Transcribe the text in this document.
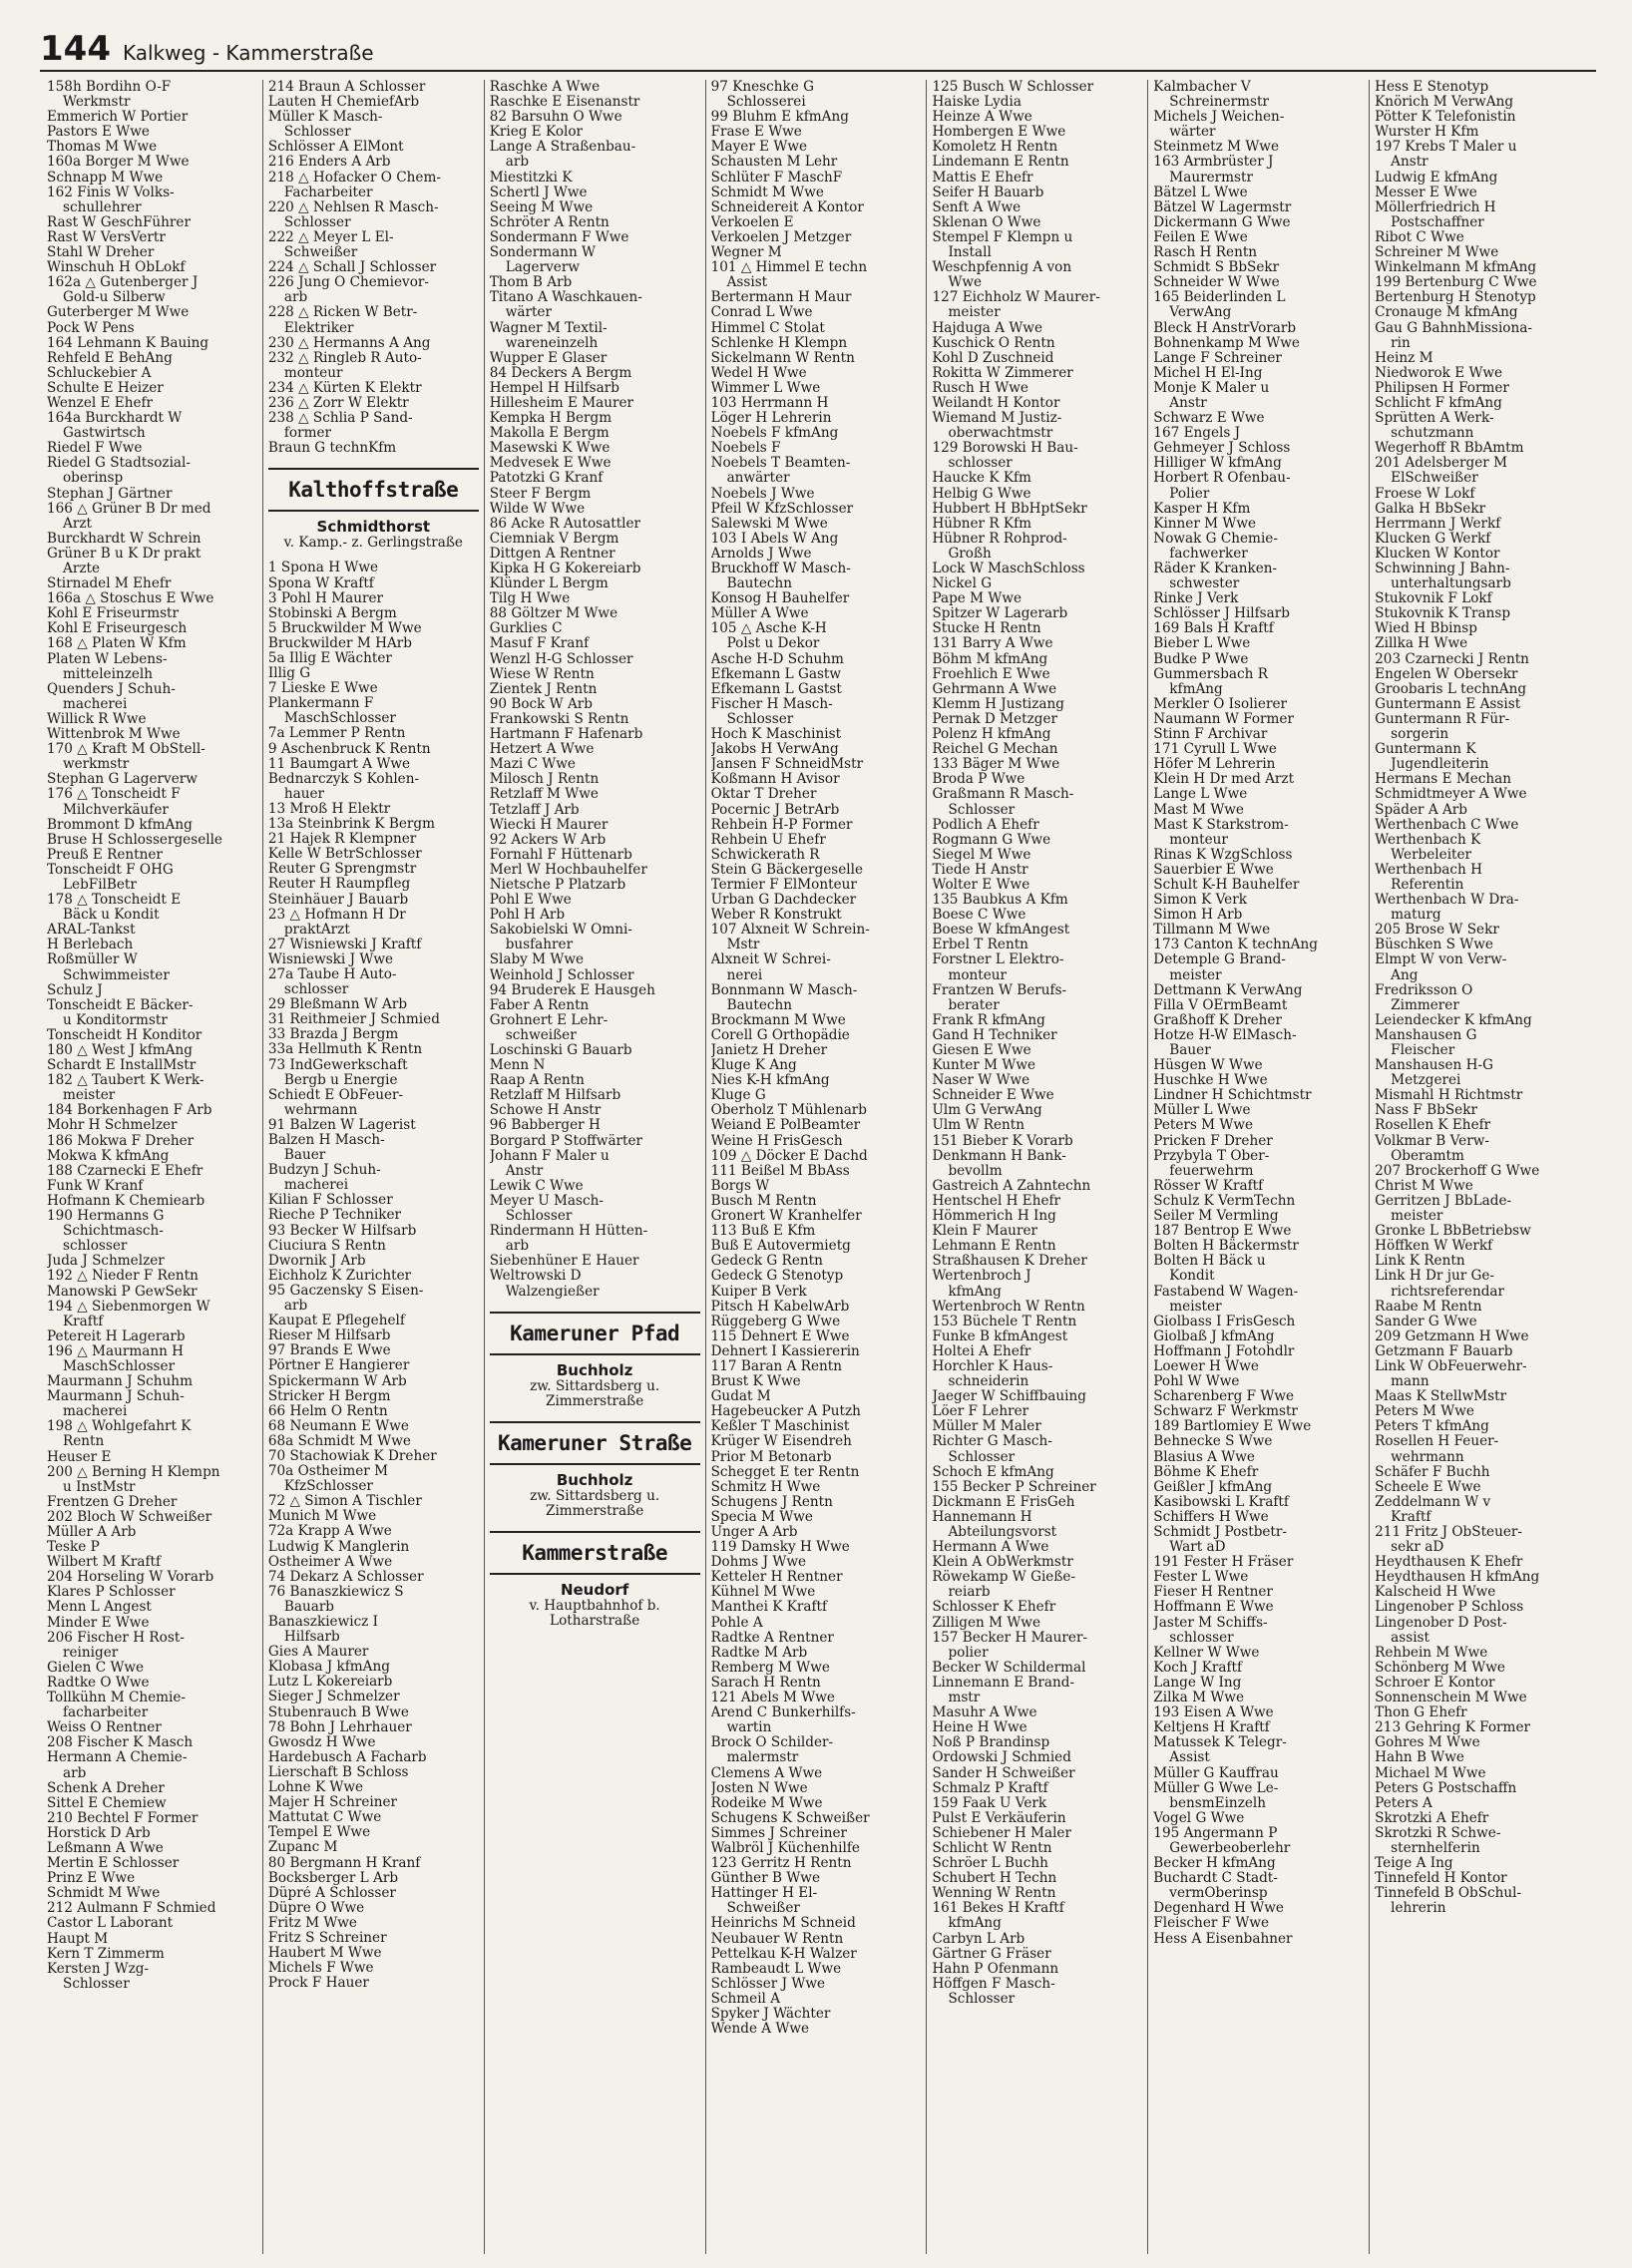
144 Kalkweg - Kammerstraße
158h Bordihn O-F
Werkmstr
Emmerich W Portier
Pastors E Wwe
Thomas M Wwe
160a Borger M Wwe
Schnapp M Wwe
162 Finis W Volks-
schullehrer
Rast W GeschFührer
Rast W VersVertr
Stahl W Dreher
Winschuh H ObLokf
162a △ Gutenberger J
Gold-u Silberw
Guterberger M Wwe
Pock W Pens
164 Lehmann K Bauing
Rehfeld E BehAng
Schluckebier A
Schulte E Heizer
Wenzel E Ehefr
164a Burckhardt W
Gastwirtsch
Riedel F Wwe
Riedel G Stadtsozial-
oberinsp
Stephan J Gärtner
166 △ Grüner B Dr med
Arzt
Burckhardt W Schrein
Grüner B u K Dr prakt
Ärzte
Stirnadel M Ehefr
166a △ Stoschus E Wwe
Kohl E Friseurmstr
Kohl E Friseurgesch
168 △ Platen W Kfm
Platen W Lebens-
mitteleinzelh
Quenders J Schuh-
macherei
Willick R Wwe
Wittenbrok M Wwe
170 △ Kraft M ObStell-
werkmstr
Stephan G Lagerverw
176 △ Tonscheidt F
Milchverkäufer
Brommont D kfmAng
Bruse H Schlossergeselle
Preuß E Rentner
Tonscheidt F OHG
LebFilBetr
178 △ Tonscheidt E
Bäck u Kondit
ARAL-Tankst
H Berlebach
Roßmüller W
Schwimmeister
Schulz J
Tonscheidt E Bäcker-
u Konditormstr
Tonscheidt H Konditor
180 △ West J kfmAng
Schardt E InstallMstr
182 △ Taubert K Werk-
meister
184 Borkenhagen F Arb
Mohr H Schmelzer
186 Mokwa F Dreher
Mokwa K kfmAng
188 Czarnecki E Ehefr
Funk W Kranf
Hofmann K Chemiearb
190 Hermanns G
Schichtmasch-
schlosser
Juda J Schmelzer
192 △ Nieder F Rentn
Manowski P GewSekr
194 △ Siebenmorgen W
Kraftf
Petereit H Lagerarb
196 △ Maurmann H
MaschSchlosser
Maurmann J Schuhm
Maurmann J Schuh-
macherei
198 △ Wohlgefahrt K
Rentn
Heuser E
200 △ Berning H Klempn
u InstMstr
Frentzen G Dreher
202 Bloch W Schweißer
Müller A Arb
Teske P
Wilbert M Kraftf
204 Horseling W Vorarb
Klares P Schlosser
Menn L Angest
Minder E Wwe
206 Fischer H Rost-
reiniger
Gielen C Wwe
Radtke O Wwe
Tollkühn M Chemie-
facharbeiter
Weiss O Rentner
208 Fischer K Masch
Hermann A Chemie-
arb
Schenk A Dreher
Sittel E Chemiew
210 Bechtel F Former
Horstick D Arb
Leßmann A Wwe
Mertin E Schlosser
Prinz E Wwe
Schmidt M Wwe
212 Aulmann F Schmied
Castor L Laborant
Haupt M
Kern T Zimmerm
Kersten J Wzg-
Schlosser
214 Braun A Schlosser
Lauten H ChemiefArb
Müller K Masch-
Schlosser
Schlösser A ElMont
216 Enders A Arb
218 △ Hofacker O Chem-
Facharbeiter
220 △ Nehlsen R Masch-
Schlosser
222 △ Meyer L El-
Schweißer
224 △ Schall J Schlosser
226 Jung O Chemievor-
arb
228 △ Ricken W Betr-
Elektriker
230 △ Hermanns A Ang
232 △ Ringleb R Auto-
monteur
234 △ Kürten K Elektr
236 △ Zorr W Elektr
238 △ Schlia P Sand-
former
Braun G technKfm
Kalthoffstraße
Schmidthorst
v. Kamp.- z. Gerlingstraße
1 Spona H Wwe
Spona W Kraftf
3 Pohl H Maurer
Stobinski A Bergm
5 Bruckwilder M Wwe
Bruckwilder M HArb
5a Illig E Wächter
Illig G
7 Lieske E Wwe
Plankermann F
MaschSchlosser
7a Lemmer P Rentn
9 Aschenbruck K Rentn
11 Baumgart A Wwe
Bednarczyk S Kohlen-
hauer
13 Mroß H Elektr
13a Steinbrink K Bergm
21 Hajek R Klempner
Kelle W BetrSchlosser
Reuter G Sprengmstr
Reuter H Raumpfleg
Steinhäuer J Bauarb
23 △ Hofmann H Dr
praktArzt
27 Wisniewski J Kraftf
Wisniewski J Wwe
27a Taube H Auto-
schlosser
29 Bleßmann W Arb
31 Reithmeier J Schmied
33 Brazda J Bergm
33a Hellmuth K Rentn
73 IndGewerkschaft
Bergb u Energie
Schiedt E ObFeuer-
wehrmann
91 Balzen W Lagerist
Balzen H Masch-
Bauer
Budzyn J Schuh-
macherei
Kilian F Schlosser
Rieche P Techniker
93 Becker W Hilfsarb
Ciuciura S Rentn
Dwornik J Arb
Eichholz K Zurichter
95 Gaczensky S Eisen-
arb
Kaupat E Pflegehelf
Rieser M Hilfsarb
97 Brands E Wwe
Pörtner E Hangierer
Spickermann W Arb
Stricker H Bergm
66 Helm O Rentn
68 Neumann E Wwe
68a Schmidt M Wwe
70 Stachowiak K Dreher
70a Ostheimer M
KfzSchlosser
72 △ Simon A Tischler
Munich M Wwe
72a Krapp A Wwe
Ludwig K Manglerin
Ostheimer A Wwe
74 Dekarz A Schlosser
76 Banaszkiewicz S
Bauarb
Banaszkiewicz I
Hilfsarb
Gies A Maurer
Klobasa J kfmAng
Lutz L Kokereiarb
Sieger J Schmelzer
Stubenrauch B Wwe
78 Bohn J Lehrhauer
Gwosdz H Wwe
Hardebusch A Facharb
Lierschaft B Schloss
Lohne K Wwe
Majer H Schreiner
Mattutat C Wwe
Tempel E Wwe
Zupanc M
80 Bergmann H Kranf
Bocksberger L Arb
Düpré A Schlosser
Düpre O Wwe
Fritz M Wwe
Fritz S Schreiner
Haubert M Wwe
Michels F Wwe
Prock F Hauer
Raschke A Wwe
Raschke E Eisenanstr
82 Barsuhn O Wwe
Krieg E Kolor
Lange A Straßenbau-
arb
Miestitzki K
Schertl J Wwe
Seeing M Wwe
Schröter A Rentn
Sondermann F Wwe
Sondermann W
Lagerverw
Thom B Arb
Titano A Waschkauen-
wärter
Wagner M Textil-
wareneinzelh
Wupper E Glaser
84 Deckers A Bergm
Hempel H Hilfsarb
Hillesheim E Maurer
Kempka H Bergm
Makolla E Bergm
Masewski K Wwe
Medvesek E Wwe
Patotzki G Kranf
Steer F Bergm
Wilde W Wwe
86 Acke R Autosattler
Ciemniak V Bergm
Dittgen A Rentner
Kipka H G Kokereiarb
Klünder L Bergm
Tilg H Wwe
88 Göltzer M Wwe
Gurklies C
Masuf F Kranf
Wenzl H-G Schlosser
Wiese W Rentn
Zientek J Rentn
90 Bock W Arb
Frankowski S Rentn
Hartmann F Hafenarb
Hetzert A Wwe
Mazi C Wwe
Milosch J Rentn
Retzlaff M Wwe
Tetzlaff J Arb
Wiecki H Maurer
92 Ackers W Arb
Fornahl F Hüttenarb
Merl W Hochbauhelfer
Nietsche P Platzarb
Pohl E Wwe
Pohl H Arb
Sakobielski W Omni-
busfahrer
Slaby M Wwe
Weinhold J Schlosser
94 Bruderek E Hausgeh
Faber A Rentn
Grohnert E Lehr-
schweißer
Loschinski G Bauarb
Menn N
Raap A Rentn
Retzlaff M Hilfsarb
Schowe H Anstr
96 Babberger H
Borgard P Stoffwärter
Johann F Maler u
Anstr
Lewik C Wwe
Meyer U Masch-
Schlosser
Rindermann H Hütten-
arb
Siebenhüner E Hauer
Weltrowski D
Walzengießer
Kameruner Pfad
Buchholz
zw. Sittardsberg u. Zimmerstraße
Kameruner Straße
Buchholz
zw. Sittardsberg u. Zimmerstraße
Kammerstraße
Neudorf
v. Hauptbahnhof b. Lotharstraße
97 Kneschke G
Schlosserei
99 Bluhm E kfmAng
Frase E Wwe
Mayer E Wwe
Schausten M Lehr
Schlüter F MaschF
Schmidt M Wwe
Schneidereit A Kontor
Verkoelen E
Verkoelen J Metzger
Wegner M
101 △ Himmel E techn
Assist
Bertermann H Maur
Conrad L Wwe
Himmel C Stolat
Schlenke H Klempn
Sickelmann W Rentn
Wedel H Wwe
Wimmer L Wwe
103 Herrmann H
Löger H Lehrerin
Noebels F kfmAng
Noebels F
Noebels T Beamten-
anwärter
Noebels J Wwe
Pfeil W KfzSchlosser
Salewski M Wwe
103 I Abels W Ang
Arnolds J Wwe
Bruckhoff W Masch-
Bautechn
Konsog H Bauhelfer
Müller A Wwe
105 △ Asche K-H
Polst u Dekor
Asche H-D Schuhm
Efkemann L Gastw
Efkemann L Gastst
Fischer H Masch-
Schlosser
Hoch K Maschinist
Jakobs H VerwAng
Jansen F SchneidMstr
Koßmann H Avisor
Oktar T Dreher
Pocernic J BetrArb
Rehbein H-P Former
Rehbein U Ehefr
Schwickerath R
Stein G Bäckergeselle
Termier F ElMonteur
Urban G Dachdecker
Weber R Konstrukt
107 Alxneit W Schrein-
Mstr
Alxneit W Schrei-
nerei
Bonnmann W Masch-
Bautechn
Brockmann M Wwe
Corell G Orthopädie
Janietz H Dreher
Kluge K Ang
Nies K-H kfmAng
Kluge G
Oberholz T Mühlenarb
Weiand E PolBeamter
Weine H FrisGesch
109 △ Döcker E Dachd
111 Beißel M BbAss
Borgs W
Busch M Rentn
Gronert W Kranhelfer
113 Buß E Kfm
Buß E Autovermietg
Gedeck G Rentn
Gedeck G Stenotyp
Kuiper B Verk
Pitsch H KabelwArb
Rüggeberg G Wwe
115 Dehnert E Wwe
Dehnert I Kassiererin
117 Baran A Rentn
Brust K Wwe
Gudat M
Hagebeucker A Putzh
Keßler T Maschinist
Krüger W Eisendreh
Prior M Betonarb
Schegget E ter Rentn
Schmitz H Wwe
Schugens J Rentn
Specia M Wwe
Unger A Arb
119 Damsky H Wwe
Dohms J Wwe
Ketteler H Rentner
Kühnel M Wwe
Manthei K Kraftf
Pohle A
Radtke A Rentner
Radtke M Arb
Remberg M Wwe
Sarach H Rentn
121 Abels M Wwe
Arend C Bunkerhilfs-
wartin
Brock O Schilder-
malermstr
Clemens A Wwe
Josten N Wwe
Rodeike M Wwe
Schugens K Schweißer
Simmes J Schreiner
Walbröl J Küchenhilfe
123 Gerritz H Rentn
Günther B Wwe
Hattinger H El-
Schweißer
Heinrichs M Schneid
Neubauer W Rentn
Pettelkau K-H Walzer
Rambeaudt L Wwe
Schlösser J Wwe
Schmeil A
Spyker J Wächter
Wende A Wwe
125 Busch W Schlosser
Haiske Lydia
Heinze A Wwe
Hombergen E Wwe
Komoletz H Rentn
Lindemann E Rentn
Mattis E Ehefr
Seifer H Bauarb
Senft A Wwe
Sklenan O Wwe
Stempel F Klempn u
Install
Weschpfennig A von
Wwe
127 Eichholz W Maurer-
meister
Hajduga A Wwe
Kuschick O Rentn
Kohl D Zuschneid
Rokitta W Zimmerer
Rusch H Wwe
Weilandt H Kontor
Wiemand M Justiz-
oberwachtmstr
129 Borowski H Bau-
schlosser
Haucke K Kfm
Helbig G Wwe
Hubbert H BbHptSekr
Hübner R Kfm
Hübner R Rohprod-
Großh
Lock W MaschSchloss
Nickel G
Pape M Wwe
Spitzer W Lagerarb
Stucke H Rentn
131 Barry A Wwe
Böhm M kfmAng
Froehlich E Wwe
Gehrmann A Wwe
Klemm H Justizang
Pernak D Metzger
Polenz H kfmAng
Reichel G Mechan
133 Bäger M Wwe
Broda P Wwe
Graßmann R Masch-
Schlosser
Podlich A Ehefr
Rogmann G Wwe
Siegel M Wwe
Tiede H Anstr
Wolter E Wwe
135 Baubkus A Kfm
Boese C Wwe
Boese W kfmAngest
Erbel T Rentn
Forstner L Elektro-
monteur
Frantzen W Berufs-
berater
Frank R kfmAng
Gand H Techniker
Giesen E Wwe
Kunter M Wwe
Naser W Wwe
Schneider E Wwe
Ulm G VerwAng
Ulm W Rentn
151 Bieber K Vorarb
Denkmann H Bank-
bevollm
Gastreich A Zahntechn
Hentschel H Ehefr
Hömmerich H Ing
Klein F Maurer
Lehmann E Rentn
Straßhausen K Dreher
Wertenbroch J
kfmAng
Wertenbroch W Rentn
153 Büchele T Rentn
Funke B kfmAngest
Holtei A Ehefr
Horchler K Haus-
schneiderin
Jaeger W Schiffbauing
Löer F Lehrer
Müller M Maler
Richter G Masch-
Schlosser
Schoch E kfmAng
155 Becker P Schreiner
Dickmann E FrisGeh
Hannemann H
Abteilungsvorst
Hermann A Wwe
Klein A ObWerkmstr
Röwekamp W Gieße-
reiarb
Schlosser K Ehefr
Zilligen M Wwe
157 Becker H Maurer-
polier
Becker W Schildermal
Linnemann E Brand-
mstr
Masuhr A Wwe
Heine H Wwe
Noß P Brandinsp
Ordowski J Schmied
Sander H Schweißer
Schmalz P Kraftf
159 Faak U Verk
Pulst E Verkäuferin
Schiebener H Maler
Schlicht W Rentn
Schröer L Buchh
Schubert H Techn
Wenning W Rentn
161 Bekes H Kraftf
kfmAng
Carbyn L Arb
Gärtner G Fräser
Hahn P Ofenmann
Höffgen F Masch-
Schlosser
Kalmbacher V
Schreinermstr
Michels J Weichen-
wärter
Steinmetz M Wwe
163 Armbrüster J
Maurermstr
Bätzel L Wwe
Bätzel W Lagermstr
Dickermann G Wwe
Feilen E Wwe
Rasch H Rentn
Schmidt S BbSekr
Schneider W Wwe
165 Beiderlinden L
VerwAng
Bleck H AnstrVorarb
Bohnenkamp M Wwe
Lange F Schreiner
Michel H El-Ing
Monje K Maler u
Anstr
Schwarz E Wwe
167 Engels J
Gehmeyer J Schloss
Hilliger W kfmAng
Horbert R Ofenbau-
Polier
Kasper H Kfm
Kinner M Wwe
Nowak G Chemie-
fachwerker
Räder K Kranken-
schwester
Rinke J Verk
Schlösser J Hilfsarb
169 Bals H Kraftf
Bieber L Wwe
Budke P Wwe
Gummersbach R
kfmAng
Merkler O Isolierer
Naumann W Former
Stinn F Archivar
171 Cyrull L Wwe
Höfer M Lehrerin
Klein H Dr med Arzt
Lange L Wwe
Mast M Wwe
Mast K Starkstrom-
monteur
Rinas K WzgSchloss
Sauerbier E Wwe
Schult K-H Bauhelfer
Simon K Verk
Simon H Arb
Tillmann M Wwe
173 Canton K technAng
Detemple G Brand-
meister
Dettmann K VerwAng
Filla V OErmBeamt
Graßhoff K Dreher
Hotze H-W ElMasch-
Bauer
Hüsgen W Wwe
Huschke H Wwe
Lindner H Schichtmstr
Müller L Wwe
Peters M Wwe
Pricken F Dreher
Przybyla T Ober-
feuerwehrm
Rösser W Kraftf
Schulz K VermTechn
Seiler M Vermling
187 Bentrop E Wwe
Bolten H Bäckermstr
Bolten H Bäck u
Kondit
Fastabend W Wagen-
meister
Giolbass I FrisGesch
Giolbaß J kfmAng
Hoffmann J Fotohdlr
Loewer H Wwe
Pohl W Wwe
Scharenberg F Wwe
Schwarz F Werkmstr
189 Bartlomiey E Wwe
Behnecke S Wwe
Blasius A Wwe
Böhme K Ehefr
Geißler J kfmAng
Kasibowski L Kraftf
Schiffers H Wwe
Schmidt J Postbetr-
Wart aD
191 Fester H Fräser
Fester L Wwe
Fieser H Rentner
Hoffmann E Wwe
Jaster M Schiffs-
schlosser
Kellner W Wwe
Koch J Kraftf
Lange W Ing
Zilka M Wwe
193 Eisen A Wwe
Keltjens H Kraftf
Matussek K Telegr-
Assist
Müller G Kauffrau
Müller G Wwe Le-
bensmEinzelh
Vogel G Wwe
195 Angermann P
Gewerbeoberlehr
Becker H kfmAng
Buchardt C Stadt-
vermOberinsp
Degenhard H Wwe
Fleischer F Wwe
Hess A Eisenbahner
Hess E Stenotyp
Knörich M VerwAng
Pötter K Telefonistin
Wurster H Kfm
197 Krebs T Maler u
Anstr
Ludwig E kfmAng
Messer E Wwe
Möllerfriedrich H
Postschaffner
Ribot C Wwe
Schreiner M Wwe
Winkelmann M kfmAng
199 Bertenburg C Wwe
Bertenburg H Stenotyp
Cronauge M kfmAng
Gau G BahnhMissiona-
rin
Heinz M
Niedworok E Wwe
Philipsen H Former
Schlicht F kfmAng
Sprütten A Werk-
schutzmann
Wegerhoff R BbAmtm
201 Adelsberger M
ElSchweißer
Froese W Lokf
Galka H BbSekr
Herrmann J Werkf
Klucken G Werkf
Klucken W Kontor
Schwinning J Bahn-
unterhaltungsarb
Stukovnik F Lokf
Stukovnik K Transp
Wied H Bbinsp
Zillka H Wwe
203 Czarnecki J Rentn
Engelen W Obersekr
Groobaris L technAng
Guntermann E Assist
Guntermann R Für-
sorgerin
Guntermann K
Jugendleiterin
Hermans E Mechan
Schmidtmeyer A Wwe
Späder A Arb
Werthenbach C Wwe
Werthenbach K
Werbeleiter
Werthenbach H
Referentin
Werthenbach W Dra-
maturg
205 Brose W Sekr
Büschken S Wwe
Elmpt W von Verw-
Ang
Fredriksson O
Zimmerer
Leiendecker K kfmAng
Manshausen G
Fleischer
Manshausen H-G
Metzgerei
Mismahl H Richtmstr
Nass F BbSekr
Rosellen K Ehefr
Volkmar B Verw-
Oberamtm
207 Brockerhoff G Wwe
Christ M Wwe
Gerritzen J BbLade-
meister
Gronke L BbBetriebsw
Höffken W Werkf
Link K Rentn
Link H Dr jur Ge-
richtsreferendar
Raabe M Rentn
Sander G Wwe
209 Getzmann H Wwe
Getzmann F Bauarb
Link W ObFeuerwehr-
mann
Maas K StellwMstr
Peters M Wwe
Peters T kfmAng
Rosellen H Feuer-
wehrmann
Schäfer F Buchh
Scheele E Wwe
Zeddelmann W v
Kraftf
211 Fritz J ObSteuer-
sekr aD
Heydthausen K Ehefr
Heydthausen H kfmAng
Kalscheid H Wwe
Lingenober P Schloss
Lingenober D Post-
assist
Rehbein M Wwe
Schönberg M Wwe
Schroer E Kontor
Sonnenschein M Wwe
Thon G Ehefr
213 Gehring K Former
Gohres M Wwe
Hahn B Wwe
Michael M Wwe
Peters G Postschaffn
Peters A
Skrotzki A Ehefr
Skrotzki R Schwe-
sternhelferin
Teige A Ing
Tinnefeld H Kontor
Tinnefeld B ObSchul-
lehrerin
